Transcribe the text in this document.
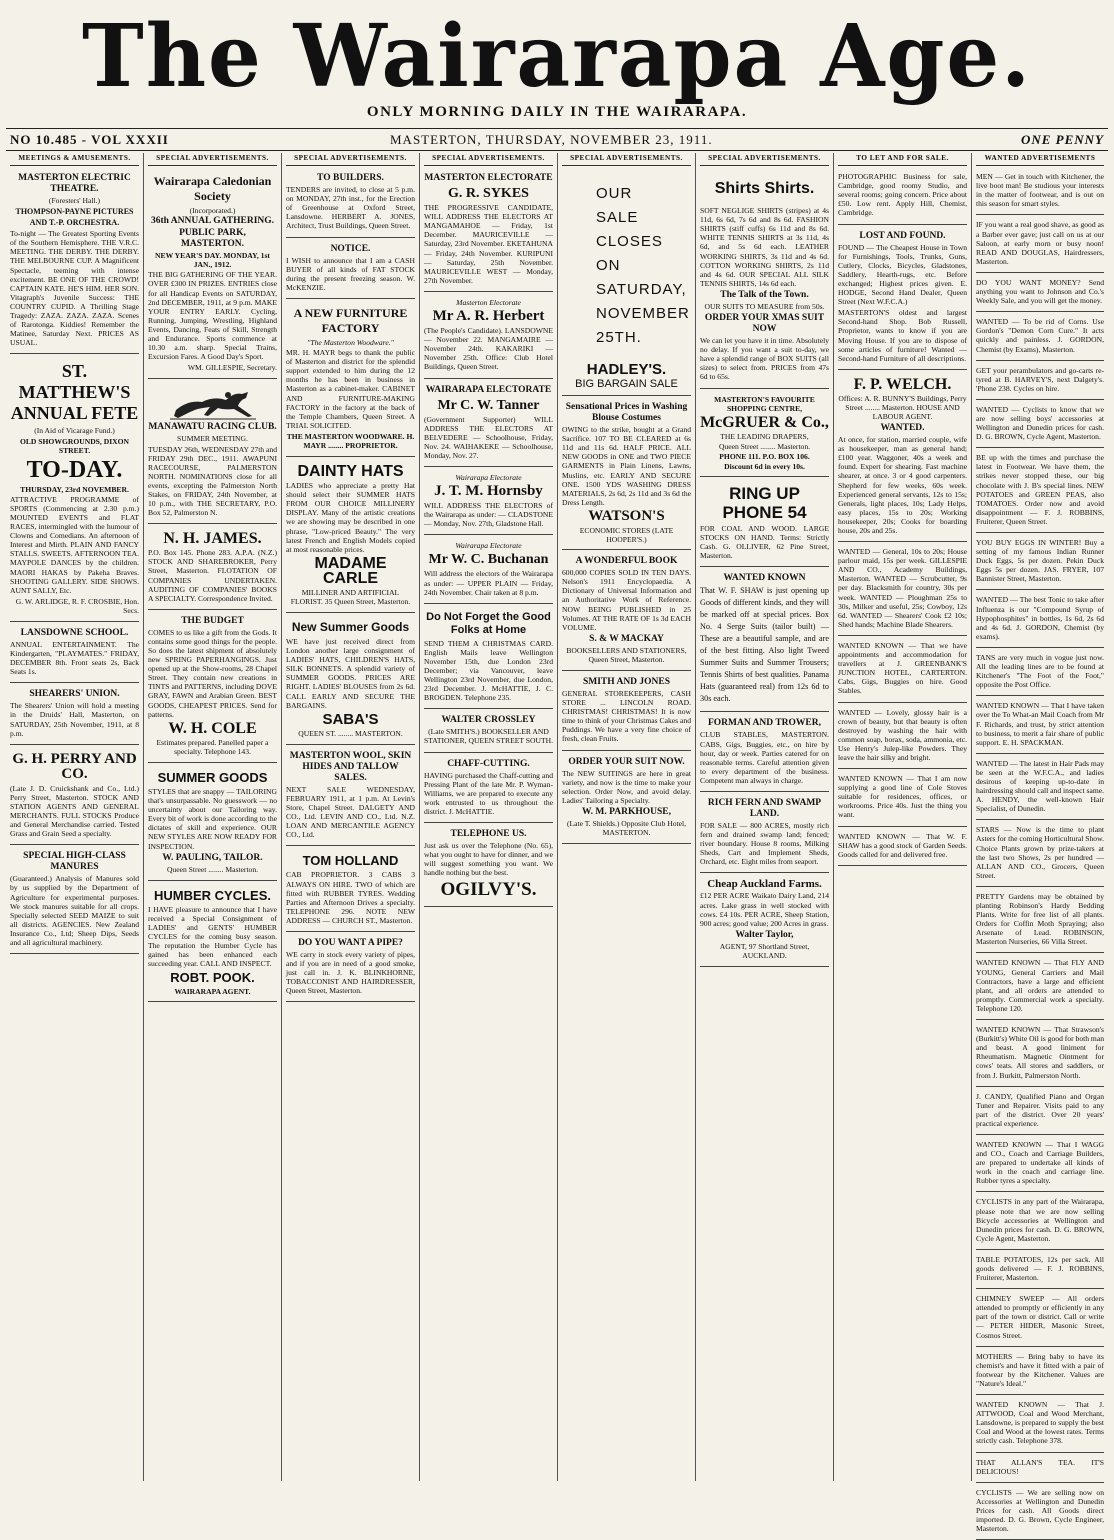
The Wairarapa Age.
ONLY MORNING DAILY IN THE WAIRARAPA.
NO 10.485 - VOL XXXII	MASTERTON, THURSDAY, NOVEMBER 23, 1911.	ONE PENNY
MEETINGS & AMUSEMENTS.
MASTERTON ELECTRIC THEATRE.
(Foresters' Hall.)
THOMPSON-PAYNE PICTURES AND T.-P. ORCHESTRA.

To-night — The Greatest Sporting Events of the Southern Hemisphere. THE V.R.C. MEETING. THE DERBY. THE DERBY. THE MELBOURNE CUP. A Magnificent Spectacle, teeming with intense excitement. BE ONE OF THE CROWD! CAPTAIN KATE. HE'S HIM. HER SON. Vitagraph's Juvenile Success: THE COUNTRY CUPID. A Thrilling Stage Tragedy: ZAZA. ZAZA. ZAZA. Scenes of Rarotonga. Kiddies! Remember the Matinee, Saturday Next. PRICES AS USUAL.

ST. MATTHEW'S ANNUAL FETE
(In Aid of Vicarage Fund.)
OLD SHOWGROUNDS, DIXON STREET.
TO-DAY.
THURSDAY, 23rd NOVEMBER.

ATTRACTIVE PROGRAMME of SPORTS (Commencing at 2.30 p.m.) MOUNTED EVENTS and FLAT RACES, intermingled with the humour of Clowns and Comedians. An afternoon of Interest and Mirth. PLAIN AND FANCY STALLS. SWEETS. AFTERNOON TEA. MAYPOLE DANCES by the children. MAORI HAKAS by Pakeha Braves. SHOOTING GALLERY. SIDE SHOWS. AUNT SALLY, Etc.

G. W. ARLIDGE, R. F. CROSBIE, Hon. Secs.

LANSDOWNE SCHOOL.

ANNUAL ENTERTAINMENT. The Kindergarten, "PLAYMATES." FRIDAY, DECEMBER 8th. Front seats 2s, Back Seats 1s.

SHEARERS' UNION.

The Shearers' Union will hold a meeting in the Druids' Hall, Masterton, on SATURDAY, 25th November, 1911, at 8 p.m.

G. H. PERRY AND CO.

(Late J. D. Cruickshank and Co., Ltd.) Perry Street, Masterton. STOCK AND STATION AGENTS AND GENERAL MERCHANTS. FULL STOCKS Produce and General Merchandise carried. Tested Grass and Grain Seed a specialty.

SPECIAL HIGH-CLASS MANURES

(Guaranteed.) Analysis of Manures sold by us supplied by the Department of Agriculture for experimental purposes. We stock manures suitable for all crops. Specially selected SEED MAIZE to suit all districts. AGENCIES. New Zealand Insurance Co., Ltd; Sheep Dips, Seeds and all agricultural machinery.

SPECIAL ADVERTISEMENTS.
Wairarapa Caledonian Society
(Incorporated.)
36th ANNUAL GATHERING.
PUBLIC PARK, MASTERTON.
NEW YEAR'S DAY. MONDAY, 1st JAN., 1912.

THE BIG GATHERING OF THE YEAR. OVER £300 IN PRIZES. ENTRIES close for all Handicap Events on SATURDAY, 2nd DECEMBER, 1911, at 9 p.m. MAKE YOUR ENTRY EARLY. Cycling, Running, Jumping, Wrestling, Highland Events, Dancing, Feats of Skill, Strength and Endurance. Sports commence at 10.30 a.m. sharp. Special Trains, Excursion Fares. A Good Day's Sport.

WM. GILLESPIE, Secretary.

MANAWATU RACING CLUB.
SUMMER MEETING.

TUESDAY 26th, WEDNESDAY 27th and FRIDAY 29th DEC., 1911. AWAPUNI RACECOURSE, PALMERSTON NORTH. NOMINATIONS close for all events, excepting the Palmerston North Stakes, on FRIDAY, 24th November, at 10 p.m., with THE SECRETARY, P.O. Box 52, Palmerston N.

N. H. JAMES.

P.O. Box 145. Phone 283. A.P.A. (N.Z.) STOCK AND SHAREBROKER, Perry Street, Masterton. FLOTATION OF COMPANIES UNDERTAKEN. AUDITING OF COMPANIES' BOOKS A SPECIALTY. Correspondence Invited.

THE BUDGET

COMES to us like a gift from the Gods. It contains some good things for the people. So does the latest shipment of absolutely new SPRING PAPERHANGINGS. Just opened up at the Show-rooms, 28 Chapel Street. They contain new creations in TINTS and PATTERNS, including DOVE GRAY, FAWN and Arabian Green. BEST GOODS, CHEAPEST PRICES. Send for patterns.

W. H. COLE

Estimates prepared. Panelled paper a specialty. Telephone 143.

SUMMER GOODS

STYLES that are snappy — TAILORING that's unsurpassable. No guesswork — no uncertainty about our Tailoring way. Every bit of work is done according to the dictates of skill and experience. OUR NEW STYLES ARE NOW READY FOR INSPECTION.

W. PAULING, TAILOR.

Queen Street ........ Masterton.

HUMBER CYCLES.

I HAVE pleasure to announce that I have received a Special Consignment of LADIES' and GENTS' HUMBER CYCLES for the coming busy season. The reputation the Humber Cycle has gained has been enhanced each succeeding year. CALL AND INSPECT.

ROBT. POOK.
WAIRARAPA AGENT.
SPECIAL ADVERTISEMENTS.
TO BUILDERS.

TENDERS are invited, to close at 5 p.m. on MONDAY, 27th inst., for the Erection of Greenhouse at Oxford Street, Lansdowne. HERBERT A. JONES, Architect, Trust Buildings, Queen Street.

NOTICE.

I WISH to announce that I am a CASH BUYER of all kinds of FAT STOCK during the present freezing season. W. McKENZIE.

A NEW FURNITURE FACTORY
"The Masterton Woodware."

MR. H. MAYR begs to thank the public of Masterton and district for the splendid support extended to him during the 12 months he has been in business in Masterton as a cabinet-maker. CABINET AND FURNITURE-MAKING FACTORY in the factory at the back of the Temple Chambers, Queen Street. A TRIAL SOLICITED.

THE MASTERTON WOODWARE. H. MAYR ........ PROPRIETOR.

DAINTY HATS

LADIES who appreciate a pretty Hat should select their SUMMER HATS FROM OUR CHOICE MILLINERY DISPLAY. Many of the artistic creations we are showing may be described in one phrase, "Low-priced Beauty." The very latest French and English Models copied at most reasonable prices.

MADAME CARLE

MILLINER AND ARTIFICIAL FLORIST. 35 Queen Street, Masterton.

New Summer Goods

WE have just received direct from London another large consignment of LADIES' HATS, CHILDREN'S HATS, SILK BONNETS. A splendid variety of SUMMER GOODS. PRICES ARE RIGHT. LADIES' BLOUSES from 2s 6d. CALL EARLY AND SECURE THE BARGAINS.

SABA'S

QUEEN ST. ........ MASTERTON.

MASTERTON WOOL, SKIN HIDES AND TALLOW SALES.

NEXT SALE WEDNESDAY, FEBRUARY 1911, at 1 p.m. At Levin's Store, Chapel Street. DALGETY AND CO., Ltd. LEVIN AND CO., Ltd. N.Z. LOAN AND MERCANTILE AGENCY CO., Ltd.

TOM HOLLAND

CAB PROPRIETOR. 3 CABS 3 ALWAYS ON HIRE. TWO of which are fitted with RUBBER TYRES. Wedding Parties and Afternoon Drives a specialty. TELEPHONE 296. NOTE NEW ADDRESS — CHURCH ST., Masterton.

DO YOU WANT A PIPE?

WE carry in stock every variety of pipes, and if you are in need of a good smoke, just call in. J. K. BLINKHORNE, TOBACCONIST AND HAIRDRESSER, Queen Street, Masterton.

SPECIAL ADVERTISEMENTS.
MASTERTON ELECTORATE
G. R. SYKES

THE PROGRESSIVE CANDIDATE, WILL ADDRESS THE ELECTORS AT MANGAMAHOE — Friday, 1st December. MAURICEVILLE — Saturday, 23rd November. EKETAHUNA — Friday, 24th November. KURIPUNI — Saturday, 25th November. MAURICEVILLE WEST — Monday, 27th November.

Masterton Electorate
Mr A. R. Herbert

(The People's Candidate). LANSDOWNE — November 22. MANGAMAIRE — November 24th. KAKARIKI — November 25th. Office: Club Hotel Buildings, Queen Street.

WAIRARAPA ELECTORATE
Mr C. W. Tanner

(Government Supporter) WILL ADDRESS THE ELECTORS AT BELVEDERE — Schoolhouse, Friday, Nov. 24. WAIHAKEKE — Schoolhouse, Monday, Nov. 27.

Wairarapa Electorate
J. T. M. Hornsby

WILL ADDRESS THE ELECTORS of the Wairarapa as under: — CLADSTONE — Monday, Nov. 27th, Gladstone Hall.

Wairarapa Electorate
Mr W. C. Buchanan

Will address the electors of the Wairarapa as under: — UPPER PLAIN — Friday, 24th November. Chair taken at 8 p.m.

Do Not Forget the Good Folks at Home

SEND THEM A CHRISTMAS CARD. English Mails leave Wellington November 15th, due London 23rd December; via Vancouver, leave Wellington 23rd November, due London, 23rd December. J. McHATTIE, J. C. BROGDEN. Telephone 235.

WALTER CROSSLEY

(Late SMITH'S.) BOOKSELLER AND STATIONER, QUEEN STREET SOUTH.

CHAFF-CUTTING.

HAVING purchased the Chaff-cutting and Pressing Plant of the late Mr. P. Wyman-Williams, we are prepared to execute any work entrusted to us throughout the district. J. McHATTIE.

TELEPHONE US.

Just ask us over the Telephone (No. 65), what you ought to have for dinner, and we will suggest something you want. We handle nothing but the best.

OGILVY'S.
SPECIAL ADVERTISEMENTS.
OUR
SALE
CLOSES
ON
SATURDAY,
NOVEMBER
25TH.
HADLEY'S.
BIG BARGAIN SALE
Sensational Prices in Washing Blouse Costumes

OWING to the strike, bought at a Grand Sacrifice. 107 TO BE CLEARED at 6s 11d and 11s 6d. HALF PRICE. ALL NEW GOODS in ONE and TWO PIECE GARMENTS in Plain Linens, Lawns, Muslins, etc. EARLY AND SECURE ONE. 1500 YDS WASHING DRESS MATERIALS, 2s 6d, 2s 11d and 3s 6d the Dress Length.

WATSON'S
ECONOMIC STORES (LATE HOOPER'S.)
A WONDERFUL BOOK

600,000 COPIES SOLD IN TEN DAYS. Nelson's 1911 Encyclopaedia. A Dictionary of Universal Information and an Authoritative Work of Reference. NOW BEING PUBLISHED in 25 Volumes. AT THE RATE OF 1s 3d EACH VOLUME.

S. & W MACKAY

BOOKSELLERS AND STATIONERS, Queen Street, Masterton.

SMITH AND JONES

GENERAL STOREKEEPERS, CASH STORE ... LINCOLN ROAD. CHRISTMAS! CHRISTMAS! It is now time to think of your Christmas Cakes and Puddings. We have a very fine choice of fresh, clean Fruits.

ORDER YOUR SUIT NOW.

The NEW SUITINGS are here in great variety, and now is the time to make your selection. Order Now, and avoid delay. Ladies' Tailoring a Specialty.

W. M. PARKHOUSE,

(Late T. Shields.) Opposite Club Hotel, MASTERTON.

SPECIAL ADVERTISEMENTS.
Shirts Shirts.

SOFT NEGLIGE SHIRTS (stripes) at 4s 11d, 6s 6d, 7s 6d and 8s 6d. FASHION SHIRTS (stiff cuffs) 6s 11d and 8s 6d. WHITE TENNIS SHIRTS at 3s 11d, 4s 6d, and 5s 6d each. LEATHER WORKING SHIRTS, 3s 11d and 4s 6d. COTTON WORKING SHIRTS, 2s 11d and 4s 6d. OUR SPECIAL ALL SILK TENNIS SHIRTS, 14s 6d each.

The Talk of the Town.

OUR SUITS TO MEASURE from 50s.

ORDER YOUR XMAS SUIT NOW

We can let you have it in time. Absolutely no delay. If you want a suit to-day, we have a splendid range of BOX SUITS (all sizes) to select from. PRICES from 47s 6d to 65s.

MASTERTON'S FAVOURITE SHOPPING CENTRE,
McGRUER & Co.,
THE LEADING DRAPERS,
Queen Street ........ Masterton.
PHONE 111. P.O. BOX 106.
Discount 6d in every 10s.
RING UP PHONE 54

FOR COAL AND WOOD. LARGE STOCKS ON HAND. Terms: Strictly Cash. G. OLLIVER, 62 Pine Street, Masterton.

WANTED KNOWN

That W. F. SHAW is just opening up Goods of different kinds, and they will be marked off at special prices. Box No. 4 Serge Suits (tailor built) — These are a beautiful sample, and are of the best fitting. Also light Tweed Summer Suits and Summer Trousers; Tennis Shirts of best qualities. Panama Hats (guaranteed real) from 12s 6d to 30s each.

FORMAN AND TROWER,

CLUB STABLES, MASTERTON. CABS, Gigs, Buggies, etc., on hire by hour, day or week. Parties catered for on reasonable terms. Careful attention given to every department of the business. Competent man always in charge.

RICH FERN AND SWAMP LAND.

FOR SALE — 800 ACRES, mostly rich fern and drained swamp land; fenced; river boundary. House 8 rooms, Milking Sheds, Cart and Implement Sheds, Orchard, etc. Eight miles from seaport.

Cheap Auckland Farms.

£12 PER ACRE Waikato Dairy Land, 214 acres. Lake grass in well stocked with cows. £4 10s. PER ACRE, Sheep Station, 900 acres; good value; 200 Acres in grass.

Walter Taylor,

AGENT, 97 Shortland Street, AUCKLAND.

TO LET AND FOR SALE.

PHOTOGRAPHIC Business for sale, Cambridge, good roomy Studio, and several rooms; going concern. Price about £50. Low rent. Apply Hill, Chemist, Cambridge.

LOST AND FOUND.

FOUND — The Cheapest House in Town for Furnishings, Tools, Trunks, Guns, Cutlery, Clocks, Bicycles, Gladstones, Saddlery, Hearth-rugs, etc. Before exchanged; Highest prices given. E. HODGE, Second Hand Dealer, Queen Street (Next W.F.C.A.)

MASTERTON'S oldest and largest Second-hand Shop. Bob Russell, Proprietor, wants to know if you are Moving House. If you are to dispose of some articles of furniture! Wanted — Second-hand Furniture of all descriptions.

F. P. WELCH.

Offices: A. R. BUNNY'S Buildings, Perry Street ........ Masterton. HOUSE AND LABOUR AGENT.

WANTED.

At once, for station, married couple, wife as housekeeper, man as general hand; £100 year. Waggoner, 40s a week and found. Expert for shearing. Fast machine shearer, at once. 3 or 4 good carpenters. Shepherd for few weeks, 60s week. Experienced general servants, 12s to 15s; Generals, light places, 10s; Lady Helps, easy places, 15s to 20s; Working housekeeper, 20s; Cooks for boarding house, 20s and 25s.

WANTED — General, 10s to 20s; House parlour maid, 15s per week. GILLESPIE AND CO., Academy Buildings, Masterton. WANTED — Scrubcutter, 9s per day. Blacksmith for country, 30s per week. WANTED — Ploughman 25s to 30s, Milker and useful, 25s; Cowboy, 12s 6d. WANTED — Shearers' Cook £2 10s; Shed hands; Machine Blade Shearers.

WANTED KNOWN — That we have appointments and accommodation for travellers at J. GREENBANK'S JUNCTION HOTEL, CARTERTON. Cabs, Gigs, Buggies on hire. Good Stables.

WANTED — Lovely, glossy hair is a crown of beauty, but that beauty is often destroyed by washing the hair with common soap, borax, soda, ammonia, etc. Use Henry's Julep-like Powders. They leave the hair silky and bright.

WANTED KNOWN — That I am now supplying a good line of Cole Stoves suitable for residences, offices, or workrooms. Price 40s. Just the thing you want.

WANTED KNOWN — That W. F. SHAW has a good stock of Garden Seeds. Goods called for and delivered free.

WANTED ADVERTISEMENTS

MEN — Get in touch with Kitchener, the live boot man! Be studious your interests in the matter of footwear, and is out on this season for smart styles.

IF you want a real good shave, as good as a Barber ever gave; just call on us at our Saloon, at early morn or busy noon! READ AND DOUGLAS, Hairdressers, Masterton.

DO YOU WANT MONEY? Send anything you want to Johnson and Co.'s Weekly Sale, and you will get the money.

WANTED — To be rid of Corns. Use Gordon's "Demon Corn Cure." It acts quickly and painless. J. GORDON, Chemist (by Exams), Masterton.

GET your perambulators and go-carts re-tyred at B. HARVEY'S, next Dalgety's. 'Phone 238. Cycles on hire.

WANTED — Cyclists to know that we are now selling boys' accessories at Wellington and Dunedin prices for cash. D. G. BROWN, Cycle Agent, Masterton.

BE up with the times and purchase the latest in Footwear. We have them, the strikes never stopped these, our big chocolate with J. B's special lines. NEW POTATOES and GREEN PEAS, also TOMATOES. Order now and avoid disappointment — F. J. ROBBINS, Fruiterer, Queen Street.

YOU BUY EGGS IN WINTER! Buy a setting of my famous Indian Runner Duck Eggs, 5s per dozen. Pekin Duck Eggs 5s per dozen. JAS. FRYER, 107 Bannister Street, Masterton.

WANTED — The best Tonic to take after Influenza is our "Compound Syrup of Hypophosphites" in bottles, 1s 6d, 2s 6d and 4s 6d. J. GORDON, Chemist (by exams).

TANS are very much in vogue just now. All the leading lines are to be found at Kitchener's "The Foot of the Foot," opposite the Post Office.

WANTED KNOWN — That I have taken over the To What-an Mail Coach from Mr F. Richards, and trust, by strict attention to business, to merit a fair share of public support. E. H. SPACKMAN.

WANTED — The latest in Hair Pads may be seen at the W.F.C.A., and ladies desirous of keeping up-to-date in hairdressing should call and inspect same. A. HENDY, the well-known Hair Specialist, of Dunedin.

STARS — Now is the time to plant Asters for the coming Horticultural Show. Choice Plants grown by prize-takers at the last two Shows, 2s per hundred — ALLAN AND CO., Grocers, Queen Street.

PRETTY Gardens may be obtained by planting Robinson's Hardy Bedding Plants. Write for free list of all plants. Orders for Coffin Moth Spraying; also Arsenate of Lead. ROBINSON, Masterton Nurseries, 66 Villa Street.

WANTED KNOWN — That FLY AND YOUNG, General Carriers and Mail Contractors, have a large and efficient plant, and all orders are attended to promptly. Commercial work a specialty. Telephone 120.

WANTED KNOWN — That Strawson's (Burkitt's) White Oil is good for both man and beast. A good liniment for Rheumatism. Magnetic Ointment for cows' teats. All stores and saddlers, or from J. Burkitt, Palmerston North.

J. CANDY, Qualified Piano and Organ Tuner and Repairer. Visits paid to any part of the district. Over 20 years' practical experience.

WANTED KNOWN — That I WAGG and CO., Coach and Carriage Builders, are prepared to undertake all kinds of work in the coach and carriage line. Rubber tyres a specialty.

CYCLISTS in any part of the Wairarapa, please note that we are now selling Bicycle accessories at Wellington and Dunedin prices for cash. D. G. BROWN, Cycle Agent, Masterton.

TABLE POTATOES, 12s per sack. All goods delivered — F. J. ROBBINS, Fruiterer, Masterton.

CHIMNEY SWEEP — All orders attended to promptly or efficiently in any part of the town or district. Call or write — PETER HIDER, Masonic Street, Cosmos Street.

MOTHERS — Bring baby to have its chemist's and have it fitted with a pair of footwear by the Kitchener. Values are "Nature's Ideal."

WANTED KNOWN — That J. ATTWOOD, Coal and Wood Merchant, Lansdowne, is prepared to supply the best Coal and Wood at the lowest rates. Terms strictly cash. Telephone 378.

THAT ALLAN'S TEA. IT'S DELICIOUS!

CYCLISTS — We are selling now on Accessories at Wellington and Dunedin Prices for cash. All Goods direct imported. D. G. Brown, Cycle Engineer, Masterton.
